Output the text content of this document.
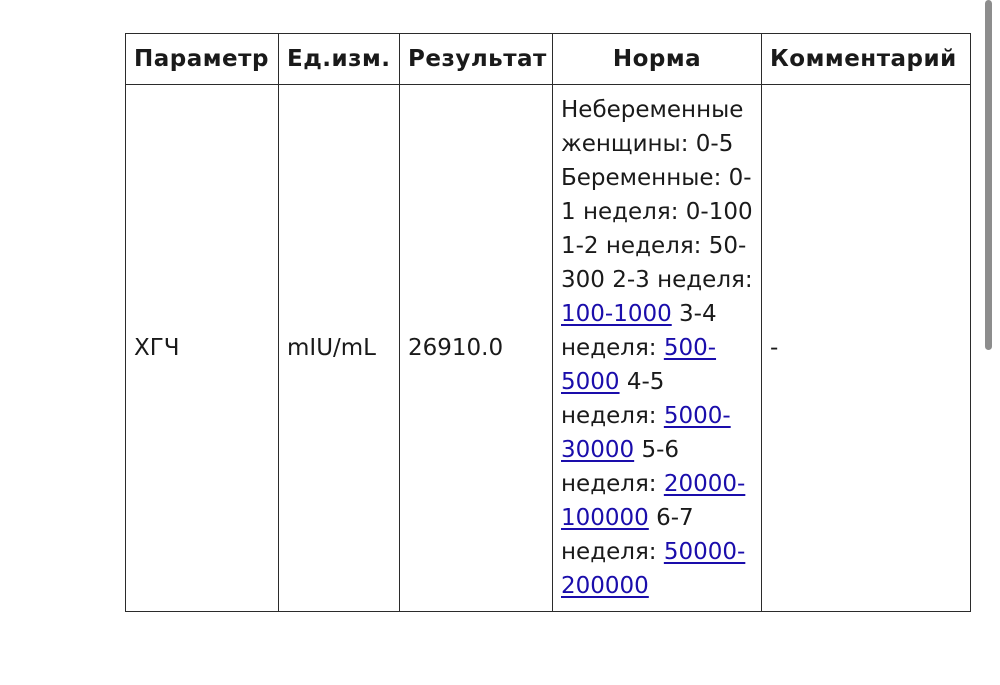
Параметр	Ед.изм.	Результат	Норма	Комментарий
ХГЧ	mIU/mL	26910.0	Небеременные женщины: 0-5 Беременные: 0-1 неделя: 0-100 1-2 неделя: 50-300 2-3 неделя: 100-1000 3-4 неделя: 500-5000 4-5 неделя: 5000-30000 5-6 неделя: 20000-100000 6-7 неделя: 50000-200000	-
